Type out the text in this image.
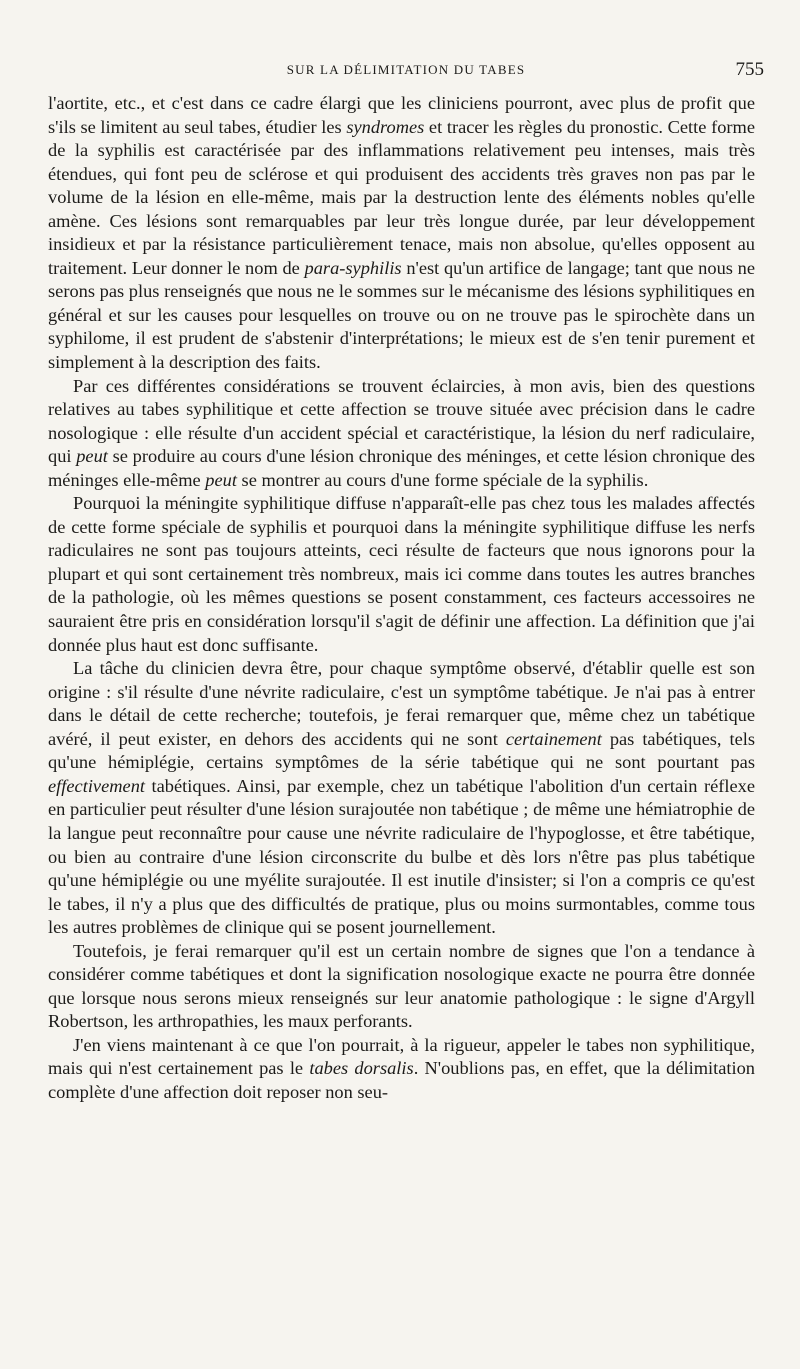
SUR LA DÉLIMITATION DU TABES	755

l'aortite, etc., et c'est dans ce cadre élargi que les cliniciens pourront, avec plus de profit que s'ils se limitent au seul tabes, étudier les syndromes et tracer les règles du pronostic. Cette forme de la syphilis est caractérisée par des inflammations relativement peu intenses, mais très étendues, qui font peu de sclérose et qui produisent des accidents très graves non pas par le volume de la lésion en elle-même, mais par la destruction lente des éléments nobles qu'elle amène. Ces lésions sont remarquables par leur très longue durée, par leur développement insidieux et par la résistance particulièrement tenace, mais non absolue, qu'elles opposent au traitement. Leur donner le nom de para-syphilis n'est qu'un artifice de langage; tant que nous ne serons pas plus renseignés que nous ne le sommes sur le mécanisme des lésions syphilitiques en général et sur les causes pour lesquelles on trouve ou on ne trouve pas le spirochète dans un syphilome, il est prudent de s'abstenir d'interprétations; le mieux est de s'en tenir purement et simplement à la description des faits.

Par ces différentes considérations se trouvent éclaircies, à mon avis, bien des questions relatives au tabes syphilitique et cette affection se trouve située avec précision dans le cadre nosologique : elle résulte d'un accident spécial et caractéristique, la lésion du nerf radiculaire, qui peut se produire au cours d'une lésion chronique des méninges, et cette lésion chronique des méninges elle-même peut se montrer au cours d'une forme spéciale de la syphilis.

Pourquoi la méningite syphilitique diffuse n'apparaît-elle pas chez tous les malades affectés de cette forme spéciale de syphilis et pourquoi dans la méningite syphilitique diffuse les nerfs radiculaires ne sont pas toujours atteints, ceci résulte de facteurs que nous ignorons pour la plupart et qui sont certainement très nombreux, mais ici comme dans toutes les autres branches de la pathologie, où les mêmes questions se posent constamment, ces facteurs accessoires ne sauraient être pris en considération lorsqu'il s'agit de définir une affection. La définition que j'ai donnée plus haut est donc suffisante.

La tâche du clinicien devra être, pour chaque symptôme observé, d'établir quelle est son origine : s'il résulte d'une névrite radiculaire, c'est un symptôme tabétique. Je n'ai pas à entrer dans le détail de cette recherche; toutefois, je ferai remarquer que, même chez un tabétique avéré, il peut exister, en dehors des accidents qui ne sont certainement pas tabétiques, tels qu'une hémiplégie, certains symptômes de la série tabétique qui ne sont pourtant pas effectivement tabétiques. Ainsi, par exemple, chez un tabétique l'abolition d'un certain réflexe en particulier peut résulter d'une lésion surajoutée non tabétique ; de même une hémiatrophie de la langue peut reconnaître pour cause une névrite radiculaire de l'hypoglosse, et être tabétique, ou bien au contraire d'une lésion circonscrite du bulbe et dès lors n'être pas plus tabétique qu'une hémiplégie ou une myélite surajoutée. Il est inutile d'insister; si l'on a compris ce qu'est le tabes, il n'y a plus que des difficultés de pratique, plus ou moins surmontables, comme tous les autres problèmes de clinique qui se posent journellement.

Toutefois, je ferai remarquer qu'il est un certain nombre de signes que l'on a tendance à considérer comme tabétiques et dont la signification nosologique exacte ne pourra être donnée que lorsque nous serons mieux renseignés sur leur anatomie pathologique : le signe d'Argyll Robertson, les arthropathies, les maux perforants.

J'en viens maintenant à ce que l'on pourrait, à la rigueur, appeler le tabes non syphilitique, mais qui n'est certainement pas le tabes dorsalis. N'oublions pas, en effet, que la délimitation complète d'une affection doit reposer non seu-
